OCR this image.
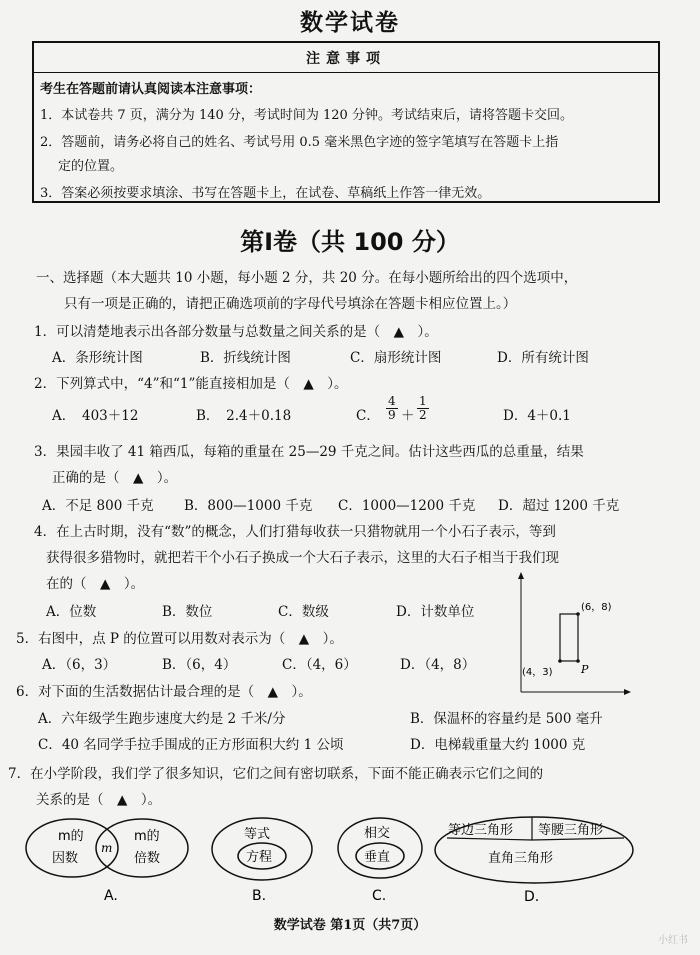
数学试卷
注意事项
考生在答题前请认真阅读本注意事项：
1．本试卷共 7 页，满分为 140 分，考试时间为 120 分钟。考试结束后，请将答题卡交回。
2．答题前，请务必将自己的姓名、考试号用 0.5 毫米黑色字迹的签字笔填写在答题卡上指
定的位置。
3．答案必须按要求填涂、书写在答题卡上，在试卷、草稿纸上作答一律无效。
第Ⅰ卷（共 100 分）
一、选择题（本大题共 10 小题，每小题 2 分，共 20 分。在每小题所给出的四个选项中，
只有一项是正确的，请把正确选项前的字母代号填涂在答题卡相应位置上。）
1．可以清楚地表示出各部分数量与总数量之间关系的是（　▲　）。
A．条形统计图	B．折线统计图	C．扇形统计图	D．所有统计图
2．下列算式中，“4”和“1”能直接相加是（　▲　）。
A．　403＋12	B．　2.4＋0.18	C． $\frac{4}{9} + \frac{1}{2}$	D．4＋0.1
3．果园丰收了 41 箱西瓜，每箱的重量在 25—29 千克之间。估计这些西瓜的总重量，结果
正确的是（　▲　）。
A．不足 800 千克 B．800—1000 千克 C．1000—1200 千克 D．超过 1200 千克
4．在上古时期，没有“数”的概念，人们打猎每收获一只猎物就用一个小石子表示，等到
获得很多猎物时，就把若干个小石子换成一个大石子表示，这里的大石子相当于我们现
在的（　▲　）。
A．位数	B．数位	C．数级	D．计数单位
5．右图中，点 P 的位置可以用数对表示为（　▲　）。
A．（6，3）	B．（6，4）	C．（4，6）	D．（4，8）
(6，8)
(4，3)	P
6．对下面的生活数据估计最合理的是（　▲　）。
A．六年级学生跑步速度大约是 2 千米/分	B．保温杯的容量约是 500 毫升
C．40 名同学手拉手围成的正方形面积大约 1 公顷	D．电梯载重量大约 1000 克
7．在小学阶段，我们学了很多知识，它们之间有密切联系，下面不能正确表示它们之间的
关系的是（　▲　）。
m的
因数
m
m的
倍数
A.
等式
方程
B.
相交
垂直
C.
等边三角形 等腰三角形
直角三角形
D.
数学试卷 第1页（共7页）
小红书
